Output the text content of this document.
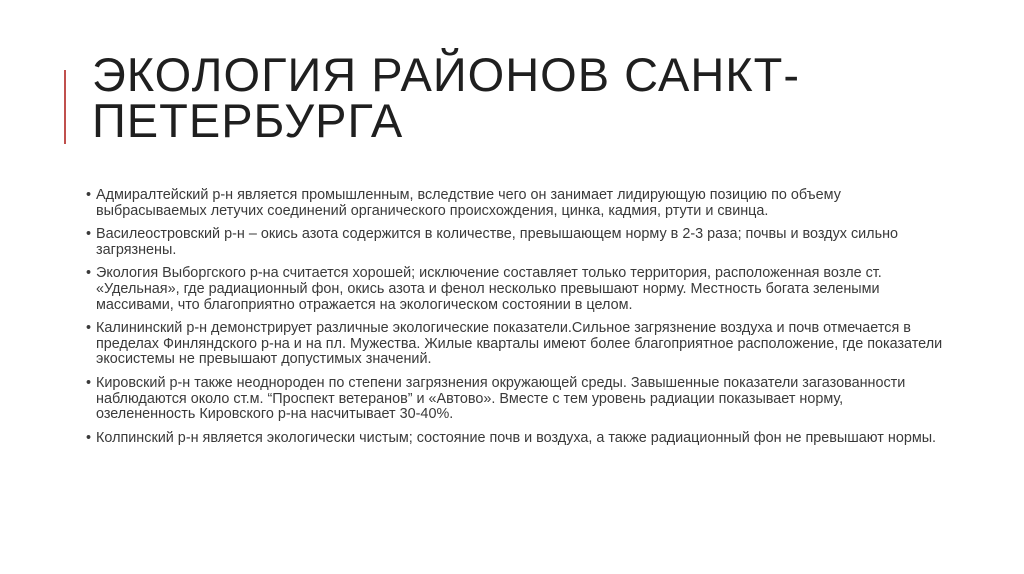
ЭКОЛОГИЯ РАЙОНОВ САНКТ-
ПЕТЕРБУРГА
• Адмиралтейский р-н является промышленным, вследствие чего он занимает лидирующую позицию по объему выбрасываемых летучих соединений органического происхождения, цинка, кадмия, ртути и свинца.
• Василеостровский р-н – окись азота содержится в количестве, превышающем норму в 2-3 раза; почвы и воздух сильно загрязнены.
• Экология Выборгского р-на считается хорошей; исключение составляет только территория, расположенная возле ст. «Удельная», где радиационный фон, окись азота и фенол несколько превышают норму. Местность богата зелеными массивами, что благоприятно отражается на экологическом состоянии в целом.
• Калининский р-н демонстрирует различные экологические показатели.Сильное загрязнение воздуха и почв отмечается в пределах Финляндского р-на и на пл. Мужества. Жилые кварталы имеют более благоприятное расположение, где показатели экосистемы не превышают допустимых значений.
• Кировский р-н также неоднороден по степени загрязнения окружающей среды. Завышенные показатели загазованности наблюдаются около ст.м. “Проспект ветеранов” и «Автово». Вместе с тем уровень радиации показывает норму, озелененность Кировского р-на насчитывает 30-40%.
• Колпинский р-н является экологически чистым; состояние почв и воздуха, а также радиационный фон не превышают нормы.
